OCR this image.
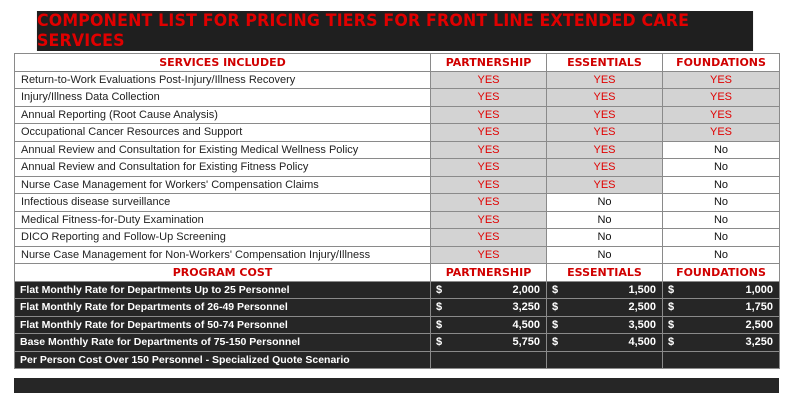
COMPONENT LIST FOR PRICING TIERS FOR FRONT LINE EXTENDED CARE SERVICES
SERVICES INCLUDED	PARTNERSHIP	ESSENTIALS	FOUNDATIONS
Return-to-Work Evaluations Post-Injury/Illness Recovery	YES	YES	YES
Injury/Illness Data Collection	YES	YES	YES
Annual Reporting (Root Cause Analysis)	YES	YES	YES
Occupational Cancer Resources and Support	YES	YES	YES
Annual Review and Consultation for Existing Medical Wellness Policy	YES	YES	No
Annual Review and Consultation for Existing Fitness Policy	YES	YES	No
Nurse Case Management for Workers' Compensation Claims	YES	YES	No
Infectious disease surveillance	YES	No	No
Medical Fitness-for-Duty Examination	YES	No	No
DICO Reporting and Follow-Up Screening	YES	No	No
Nurse Case Management for Non-Workers' Compensation Injury/Illness	YES	No	No
PROGRAM COST	PARTNERSHIP	ESSENTIALS	FOUNDATIONS
Flat Monthly Rate for Departments Up to 25 Personnel	$ 2,000	$ 1,500	$ 1,000

Flat Monthly Rate for Departments of 26-49 Personnel	$ 3,250	$ 2,500	$ 1,750

Flat Monthly Rate for Departments of 50-74 Personnel	$ 4,500	$ 3,500	$ 2,500

Base Monthly Rate for Departments of 75-150 Personnel	$ 5,750	$ 4,500	$ 3,250

Per Person Cost Over 150 Personnel - Specialized Quote Scenario			
